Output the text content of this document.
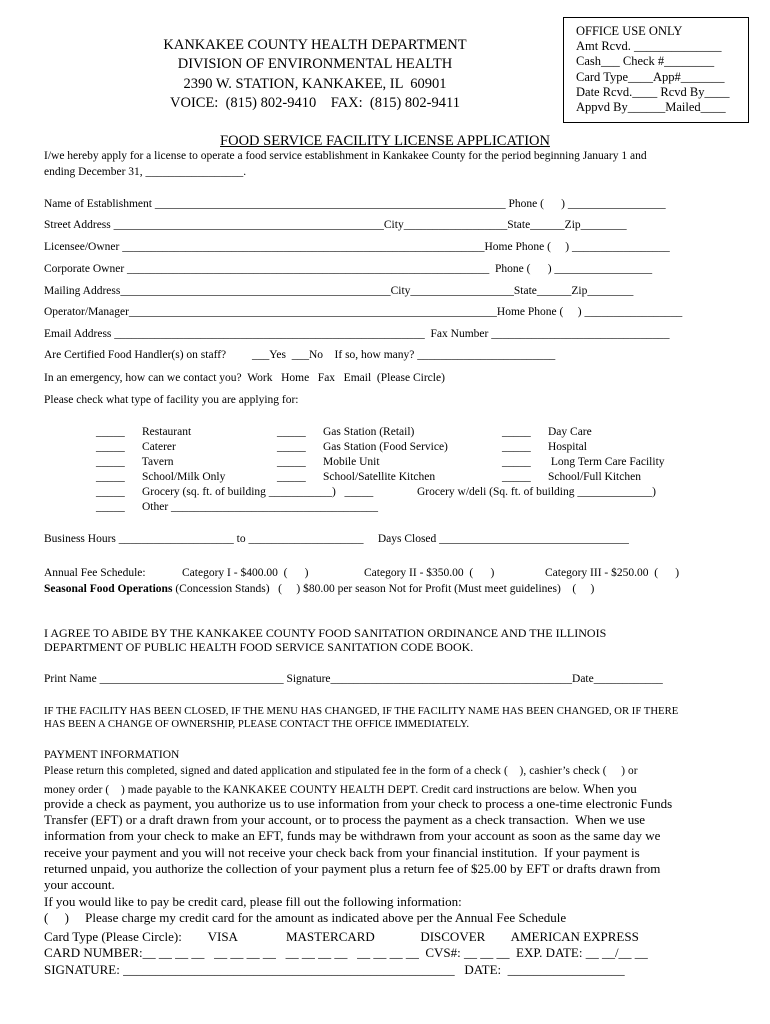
KANKAKEE COUNTY HEALTH DEPARTMENT
DIVISION OF ENVIRONMENTAL HEALTH
2390 W. STATION, KANKAKEE, IL  60901
VOICE:  (815) 802-9410    FAX:  (815) 802-9411
OFFICE USE ONLY
Amt Rcvd. ______________
Cash___ Check #________
Card Type____App#_______
Date Rcvd.____ Rcvd By____
Appvd By______Mailed____
FOOD SERVICE FACILITY LICENSE APPLICATION
I/we hereby apply for a license to operate a food service establishment in Kankakee County for the period beginning January 1 and
ending December 31, _________________.
Name of Establishment _____________________________________________________________ Phone (      ) _________________
Street Address _______________________________________________City__________________State______Zip________
Licensee/Owner _______________________________________________________________Home Phone (     ) _________________
Corporate Owner _______________________________________________________________  Phone (      ) _________________
Mailing Address_______________________________________________City__________________State______Zip________
Operator/Manager________________________________________________________________Home Phone (     ) _________________
Email Address ______________________________________________________  Fax Number _______________________________
Are Certified Food Handler(s) on staff?         ___Yes  ___No    If so, how many? ________________________
In an emergency, how can we contact you?  Work   Home   Fax   Email  (Please Circle)
Please check what type of facility you are applying for:
_____      Restaurant
_____      Caterer
_____      Tavern
_____      School/Milk Only
_____      Grocery (sq. ft. of building ___________)   _____
_____      Other ____________________________________
_____      Gas Station (Retail)
_____      Gas Station (Food Service)
_____      Mobile Unit
_____      School/Satellite Kitchen
Grocery w/deli (Sq. ft. of building _____________)
_____      Day Care
_____      Hospital
_____       Long Term Care Facility
_____      School/Full Kitchen
Business Hours ____________________ to ____________________     Days Closed _________________________________
Annual Fee Schedule:	Category I - $400.00  (      )	Category II - $350.00  (      )	Category III - $250.00  (      )
Seasonal Food Operations (Concession Stands)   (     ) $80.00 per season Not for Profit (Must meet guidelines)    (     )
I AGREE TO ABIDE BY THE KANKAKEE COUNTY FOOD SANITATION ORDINANCE AND THE ILLINOIS
DEPARTMENT OF PUBLIC HEALTH FOOD SERVICE SANITATION CODE BOOK.
Print Name ________________________________ Signature__________________________________________Date____________
IF THE FACILITY HAS BEEN CLOSED, IF THE MENU HAS CHANGED, IF THE FACILITY NAME HAS BEEN CHANGED, OR IF THERE
HAS BEEN A CHANGE OF OWNERSHIP, PLEASE CONTACT THE OFFICE IMMEDIATELY.
PAYMENT INFORMATION
Please return this completed, signed and dated application and stipulated fee in the form of a check (    ), cashier’s check (     ) or
money order (    ) made payable to the KANKAKEE COUNTY HEALTH DEPT. Credit card instructions are below. When you
provide a check as payment, you authorize us to use information from your check to process a one-time electronic Funds
Transfer (EFT) or a draft drawn from your account, or to process the payment as a check transaction.  When we use
information from your check to make an EFT, funds may be withdrawn from your account as soon as the same day we
receive your payment and you will not receive your check back from your financial institution.  If your payment is
returned unpaid, you authorize the collection of your payment plus a return fee of $25.00 by EFT or drafts drawn from
your account.
If you would like to pay be credit card, please fill out the following information:
(     )     Please charge my credit card for the amount as indicated above per the Annual Fee Schedule
Card Type (Please Circle):        VISA               MASTERCARD              DISCOVER        AMERICAN EXPRESS
CARD NUMBER:__ __ __ __   __ __ __ __   __ __ __ __   __ __ __ __  CVS#: __ __ __  EXP. DATE: __ __/__ __
SIGNATURE: ___________________________________________________   DATE:  __________________
